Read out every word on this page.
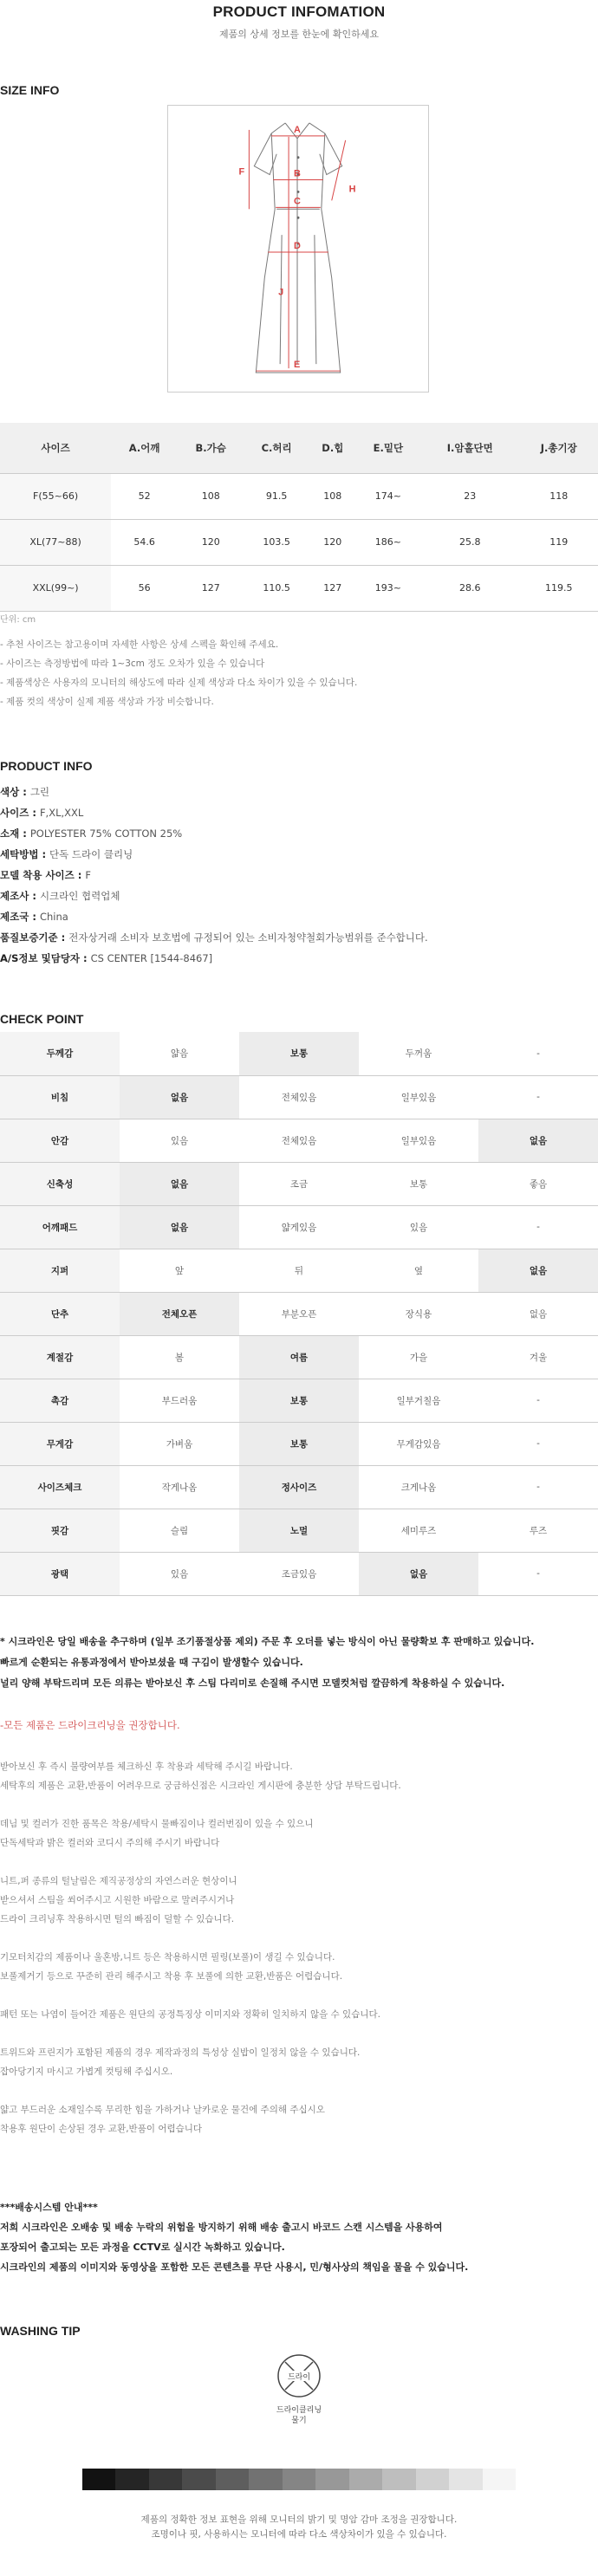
PRODUCT INFOMATION

제품의 상세 정보를 한눈에 확인하세요

SIZE INFO
A
B
C
D
E
F
H
J
사이즈	A.어깨	B.가슴	C.허리	D.힙	E.밑단	I.암홀단면	J.총기장
F(55~66)	52	108	91.5	108	174~	23	118
XL(77~88)	54.6	120	103.5	120	186~	25.8	119
XXL(99~)	56	127	110.5	127	193~	28.6	119.5
단위: cm
- 추천 사이즈는 참고용이며 자세한 사항은 상세 스펙을 확인해 주세요.
- 사이즈는 측정방법에 따라 1~3cm 정도 오차가 있을 수 있습니다
- 제품색상은 사용자의 모니터의 해상도에 따라 실제 색상과 다소 차이가 있을 수 있습니다.
- 제품 컷의 색상이 실제 제품 색상과 가장 비슷합니다.
PRODUCT INFO
색상 : 그린
사이즈 : F,XL,XXL
소재 : POLYESTER 75% COTTON 25%
세탁방법 : 단독 드라이 클리닝
모델 착용 사이즈 : F
제조사 : 시크라인 협력업체
제조국 : China
품질보증기준 : 전자상거래 소비자 보호법에 규정되어 있는 소비자청약철회가능범위를 준수합니다.
A/S정보 및담당자 : CS CENTER [1544-8467]
CHECK POINT
두께감	얇음	보통	두꺼움	-
비침	없음	전체있음	일부있음	-
안감	있음	전체있음	일부있음	없음
신축성	없음	조금	보통	좋음
어깨패드	없음	얇게있음	있음	-
지퍼	앞	뒤	옆	없음
단추	전체오픈	부분오픈	장식용	없음
계절감	봄	여름	가을	겨울
촉감	부드러움	보통	일부거칠음	-
무게감	가벼움	보통	무게감있음	-
사이즈체크	작게나옴	정사이즈	크게나옴	-
핏감	슬림	노멀	세미루즈	루즈
광택	있음	조금있음	없음	-
* 시크라인은 당일 배송을 추구하며 (일부 조기품절상품 제외) 주문 후 오더를 넣는 방식이 아닌 물량확보 후 판매하고 있습니다.
빠르게 순환되는 유통과정에서 받아보셨을 때 구김이 발생할수 있습니다.
널리 양해 부탁드리며 모든 의류는 받아보신 후 스팀 다리미로 손질해 주시면 모델컷처럼 깔끔하게 착용하실 수 있습니다.
-모든 제품은 드라이크리닝을 권장합니다.
받아보신 후 즉시 불량여부를 체크하신 후 착용과 세탁해 주시길 바랍니다.
세탁후의 제품은 교환,반품이 어려우므로 궁금하신점은 시크라인 게시판에 충분한 상담 부탁드립니다.
데님 및 컬러가 진한 품목은 착용/세탁시 물빠짐이나 컬러번짐이 있을 수 있으니
단독세탁과 밝은 컬러와 코디시 주의해 주시기 바랍니다
니트,퍼 종류의 털날림은 제직공정상의 자연스러운 현상이니
받으셔서 스팀을 쐬어주시고 시원한 바람으로 말려주시거나
드라이 크리닝후 착용하시면 털의 빠짐이 덜할 수 있습니다.
기모터치감의 제품이나 울혼방,니트 등은 착용하시면 필링(보풀)이 생길 수 있습니다.
보풀제거기 등으로 꾸준히 관리 해주시고 착용 후 보풀에 의한 교환,반품은 어렵습니다.
패턴 또는 나염이 들어간 제품은 원단의 공정특징상 이미지와 정확히 일치하지 않을 수 있습니다.
트위드와 프린지가 포함된 제품의 경우 제작과정의 특성상 실밥이 일정치 않을 수 있습니다.
잡아당기지 마시고 가볍게 컷팅해 주십시오.
얇고 부드러운 소재일수록 무리한 힘을 가하거나 날카로운 물건에 주의해 주십시오
착용후 원단이 손상된 경우 교환,반품이 어렵습니다
***배송시스템 안내***
저희 시크라인은 오배송 및 배송 누락의 위험을 방지하기 위해 배송 출고시 바코드 스캔 시스템을 사용하여
포장되어 출고되는 모든 과정을 CCTV로 실시간 녹화하고 있습니다.
시크라인의 제품의 이미지와 동영상을 포함한 모든 콘텐츠를 무단 사용시, 민/형사상의 책임을 물을 수 있습니다.
WASHING TIP
드라이
드라이클리닝
물기
제품의 정확한 정보 표현을 위해 모니터의 밝기 및 명암 감마 조정을 권장합니다.
조명이나 핏, 사용하시는 모니터에 따라 다소 색상차이가 있을 수 있습니다.
